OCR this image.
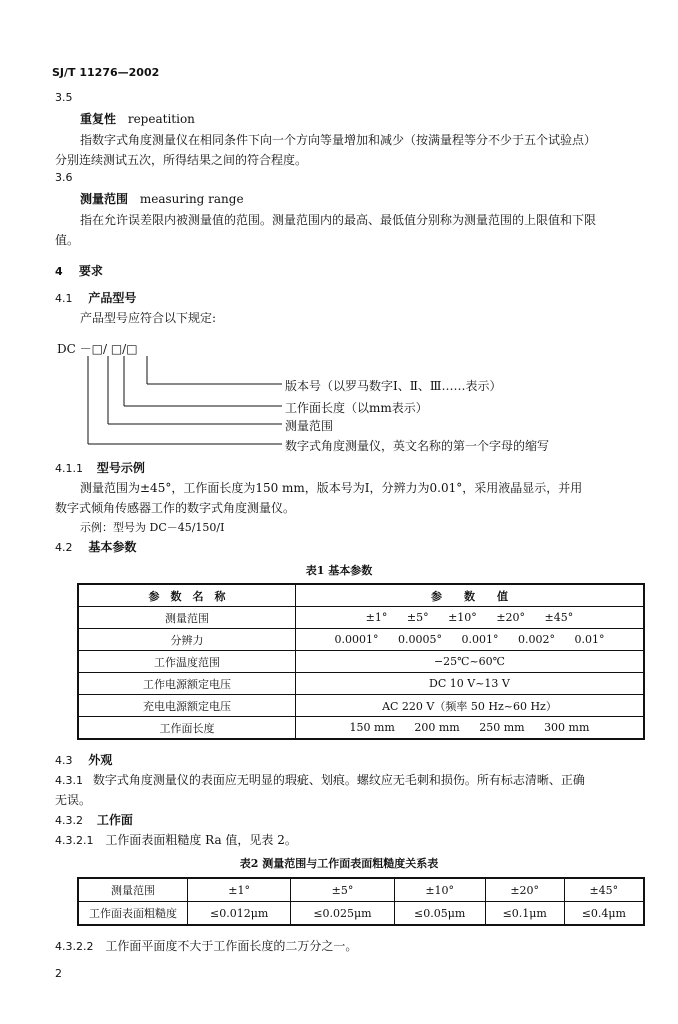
SJ/T 11276—2002
3.5
重复性 repeatition
指数字式角度测量仪在相同条件下向一个方向等量增加和减少（按满量程等分不少于五个试验点）
分别连续测试五次，所得结果之间的符合程度。
3.6
测量范围 measuring range
指在允许误差限内被测量值的范围。测量范围内的最高、最低值分别称为测量范围的上限值和下限
值。
4 要求
4.1 产品型号
产品型号应符合以下规定:
DC －□/ □/□
版本号（以罗马数字Ⅰ、Ⅱ、Ⅲ……表示）
工作面长度（以mm表示）
测量范围
数字式角度测量仪，英文名称的第一个字母的缩写
4.1.1 型号示例
测量范围为±45°，工作面长度为150 mm，版本号为Ⅰ，分辨力为0.01°，采用液晶显示，并用
数字式倾角传感器工作的数字式角度测量仪。
示例：型号为 DC－45/150/Ⅰ
4.2 基本参数
表1 基本参数
参　数　名　称	参　　数　　值
测量范围	±1° ±5° ±10° ±20° ±45°
分辨力	0.0001° 0.0005° 0.001° 0.002° 0.01°
工作温度范围	−25℃~60℃
工作电源额定电压	DC 10 V~13 V
充电电源额定电压	AC 220 V（频率 50 Hz~60 Hz）
工作面长度	150 mm 200 mm 250 mm 300 mm
4.3 外观
4.3.1 数字式角度测量仪的表面应无明显的瑕疵、划痕。螺纹应无毛刺和损伤。所有标志清晰、正确
无误。
4.3.2 工作面
4.3.2.1 工作面表面粗糙度 Ra 值，见表 2。
表2 测量范围与工作面表面粗糙度关系表
测量范围	±1°	±5°	±10°	±20°	±45°
工作面表面粗糙度	≤0.012μm	≤0.025μm	≤0.05μm	≤0.1μm	≤0.4μm
4.3.2.2 工作面平面度不大于工作面长度的二万分之一。
2
